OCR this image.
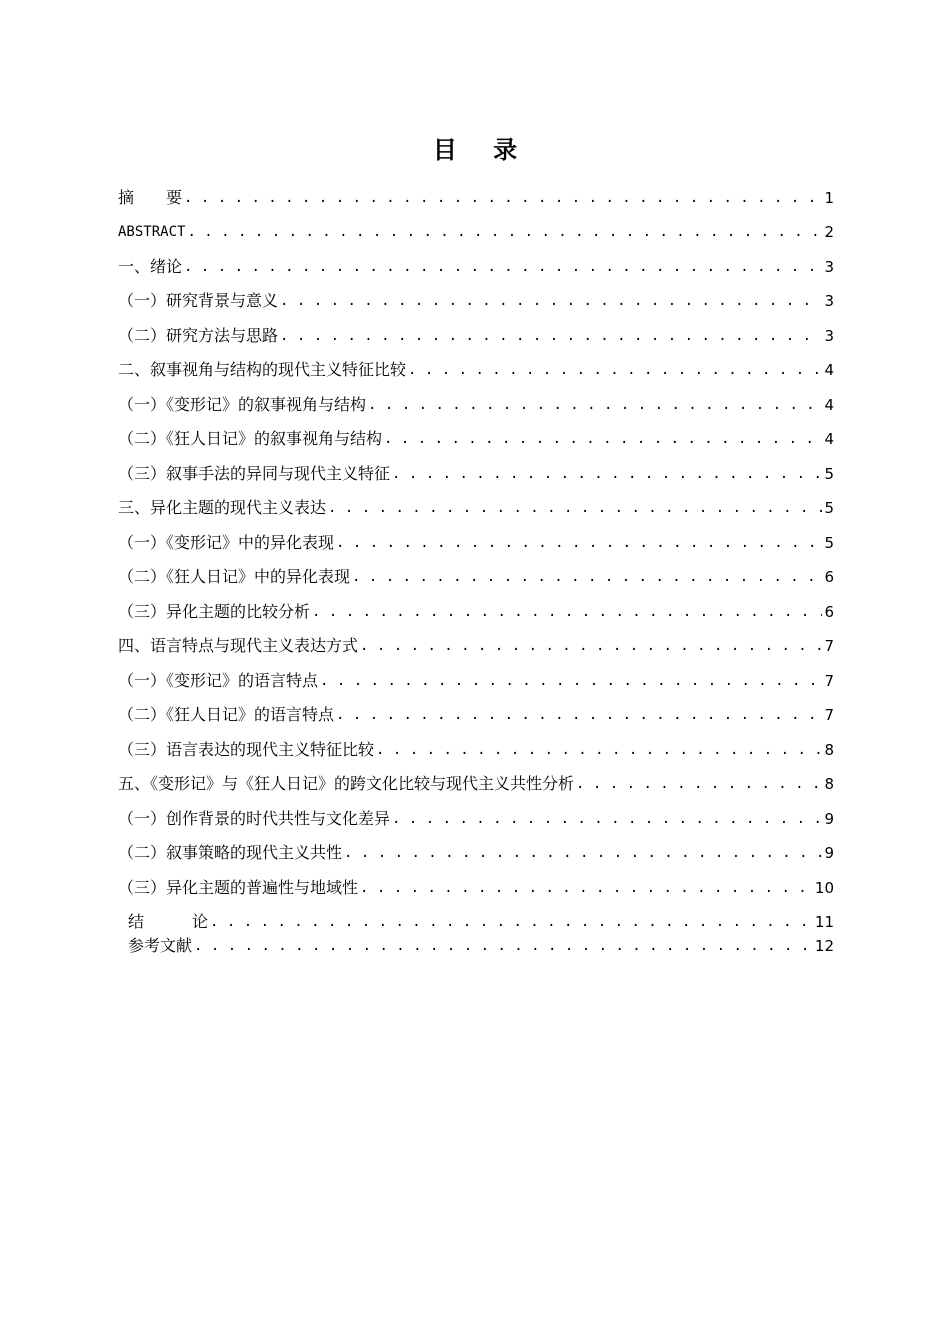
目 录
摘　　要 . . .	1
ABSTRACT . . .	2
一、绪论 . . .	3
（一）研究背景与意义 . . .	3
（二）研究方法与思路 . . .	3
二、叙事视角与结构的现代主义特征比较 . . .	4
（一）《变形记》的叙事视角与结构 . . .	4
（二）《狂人日记》的叙事视角与结构 . . .	4
（三）叙事手法的异同与现代主义特征 . . .	5
三、异化主题的现代主义表达 . . .	5
（一）《变形记》中的异化表现 . . .	5
（二）《狂人日记》中的异化表现 . . .	6
（三）异化主题的比较分析 . . .	6
四、语言特点与现代主义表达方式 . . .	7
（一）《变形记》的语言特点 . . .	7
（二）《狂人日记》的语言特点 . . .	7
（三）语言表达的现代主义特征比较 . . .	8
五、《变形记》与《狂人日记》的跨文化比较与现代主义共性分析 . . .	8
（一）创作背景的时代共性与文化差异 . . .	9
（二）叙事策略的现代主义共性 . . .	9
（三）异化主题的普遍性与地域性 . . .	10
结　　　论 . . .	11
参考文献 . . .	12
